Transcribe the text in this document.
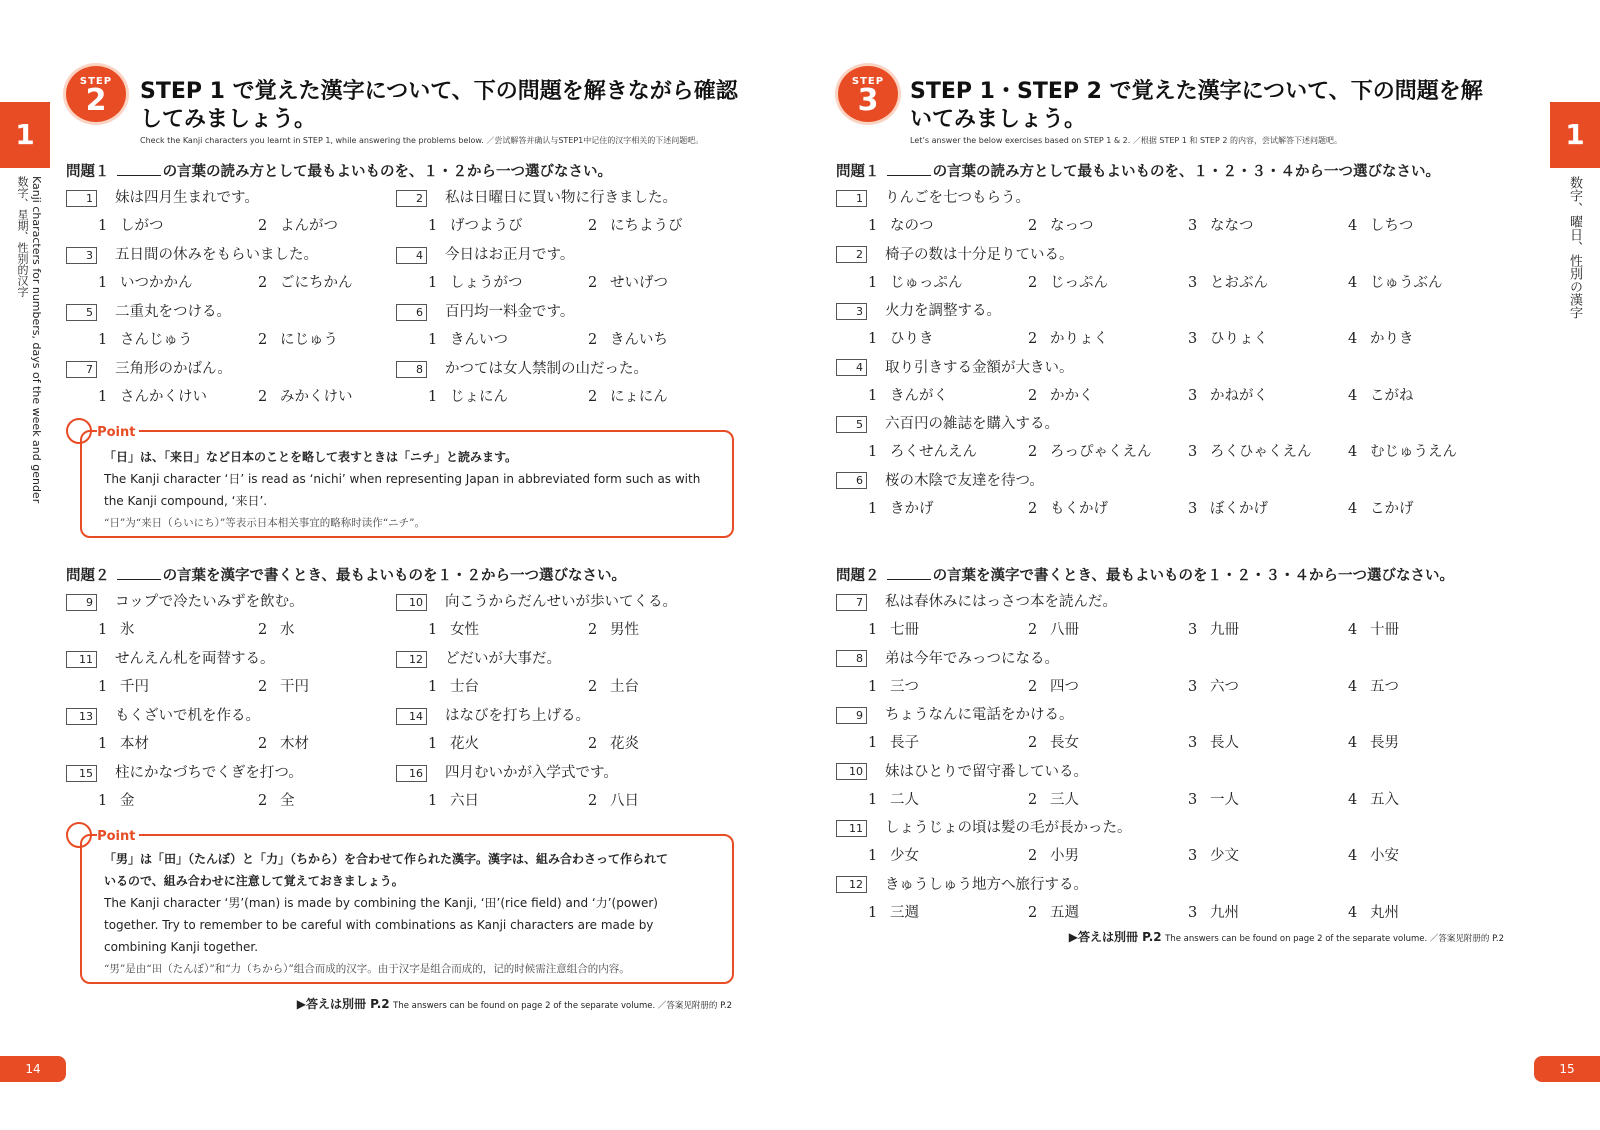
1
Kanji characters for numbers, days of the week and gender
数字、星期、性别的汉字
STEP
2	STEP 1 で覚えた漢字について、下の問題を解きながら確認
してみましょう。
Check the Kanji characters you learnt in STEP 1, while answering the problems below. ／尝试解答并确认与STEP1中记住的汉字相关的下述问题吧。
問題１	の言葉の読み方として最もよいものを、１・２から一つ選びなさい。
1 妹は四月生まれです。
1 しがつ	2 よんがつ
2 私は日曜日に買い物に行きました。
1 げつようび	2 にちようび
3 五日間の休みをもらいました。
1 いつかかん	2 ごにちかん
4 今日はお正月です。
1 しょうがつ	2 せいげつ
5 二重丸をつける。
1 さんじゅう	2 にじゅう
6 百円均一料金です。
1 きんいつ	2 きんいち
7 三角形のかばん。
1 さんかくけい	2 みかくけい
8 かつては女人禁制の山だった。
1 じょにん	2 にょにん
Point
「日」は、「来日」など日本のことを略して表すときは「ニチ」と読みます。
The Kanji character ‘日’ is read as ‘nichi’ when representing Japan in abbreviated form such as with
the Kanji compound, ‘来日’.
“日”为“来日（らいにち）”等表示日本相关事宜的略称时读作“ニチ”。
問題２	の言葉を漢字で書くとき、最もよいものを１・２から一つ選びなさい。
9 コップで冷たいみずを飲む。
1 氷	2 水
10 向こうからだんせいが歩いてくる。
1 女性	2 男性
11 せんえん札を両替する。
1 千円	2 干円
12 どだいが大事だ。
1 士台	2 土台
13 もくざいで机を作る。
1 本材	2 木材
14 はなびを打ち上げる。
1 花火	2 花炎
15 柱にかなづちでくぎを打つ。
1 金	2 全
16 四月むいかが入学式です。
1 六日	2 八日
Point
「男」は「田」（たんぼ）と「力」（ちから）を合わせて作られた漢字。漢字は、組み合わさって作られて
いるので、組み合わせに注意して覚えておきましょう。
The Kanji character ‘男’(man) is made by combining the Kanji, ‘田’(rice field) and ‘力’(power)
together. Try to remember to be careful with combinations as Kanji characters are made by
combining Kanji together.
“男”是由“田（たんぼ）”和“力（ちから）”组合而成的汉字。由于汉字是组合而成的，记的时候需注意组合的内容。
▶答えは別冊 P.2 The answers can be found on page 2 of the separate volume. ／答案见附册的 P.2
14
STEP
3	STEP 1・STEP 2 で覚えた漢字について、下の問題を解
いてみましょう。
Let’s answer the below exercises based on STEP 1 & 2. ／根据 STEP 1 和 STEP 2 的内容，尝试解答下述问题吧。	1
数字、曜日、性別の漢字
問題１	の言葉の読み方として最もよいものを、１・２・３・４から一つ選びなさい。
1 りんごを七つもらう。
1 なのつ	2 なっつ	3 ななつ	4 しちつ
2 椅子の数は十分足りている。
1 じゅっぷん	2 じっぷん	3 とおぶん	4 じゅうぶん
3 火力を調整する。
1 ひりき	2 かりょく	3 ひりょく	4 かりき
4 取り引きする金額が大きい。
1 きんがく	2 かかく	3 かねがく	4 こがね
5 六百円の雑誌を購入する。
1 ろくせんえん	2 ろっぴゃくえん	3 ろくひゃくえん	4 むじゅうえん
6 桜の木陰で友達を待つ。
1 きかげ	2 もくかげ	3 ぼくかげ	4 こかげ
問題２	の言葉を漢字で書くとき、最もよいものを１・２・３・４から一つ選びなさい。
7 私は春休みにはっさつ本を読んだ。
1 七冊	2 八冊	3 九冊	4 十冊
8 弟は今年でみっつになる。
1 三つ	2 四つ	3 六つ	4 五つ
9 ちょうなんに電話をかける。
1 長子	2 長女	3 長人	4 長男
10 妹はひとりで留守番している。
1 二人	2 三人	3 一人	4 五入
11 しょうじょの頃は髪の毛が長かった。
1 少女	2 小男	3 少文	4 小安
12 きゅうしゅう地方へ旅行する。
1 三週	2 五週	3 九州	4 丸州
▶答えは別冊 P.2 The answers can be found on page 2 of the separate volume. ／答案见附册的 P.2
15
